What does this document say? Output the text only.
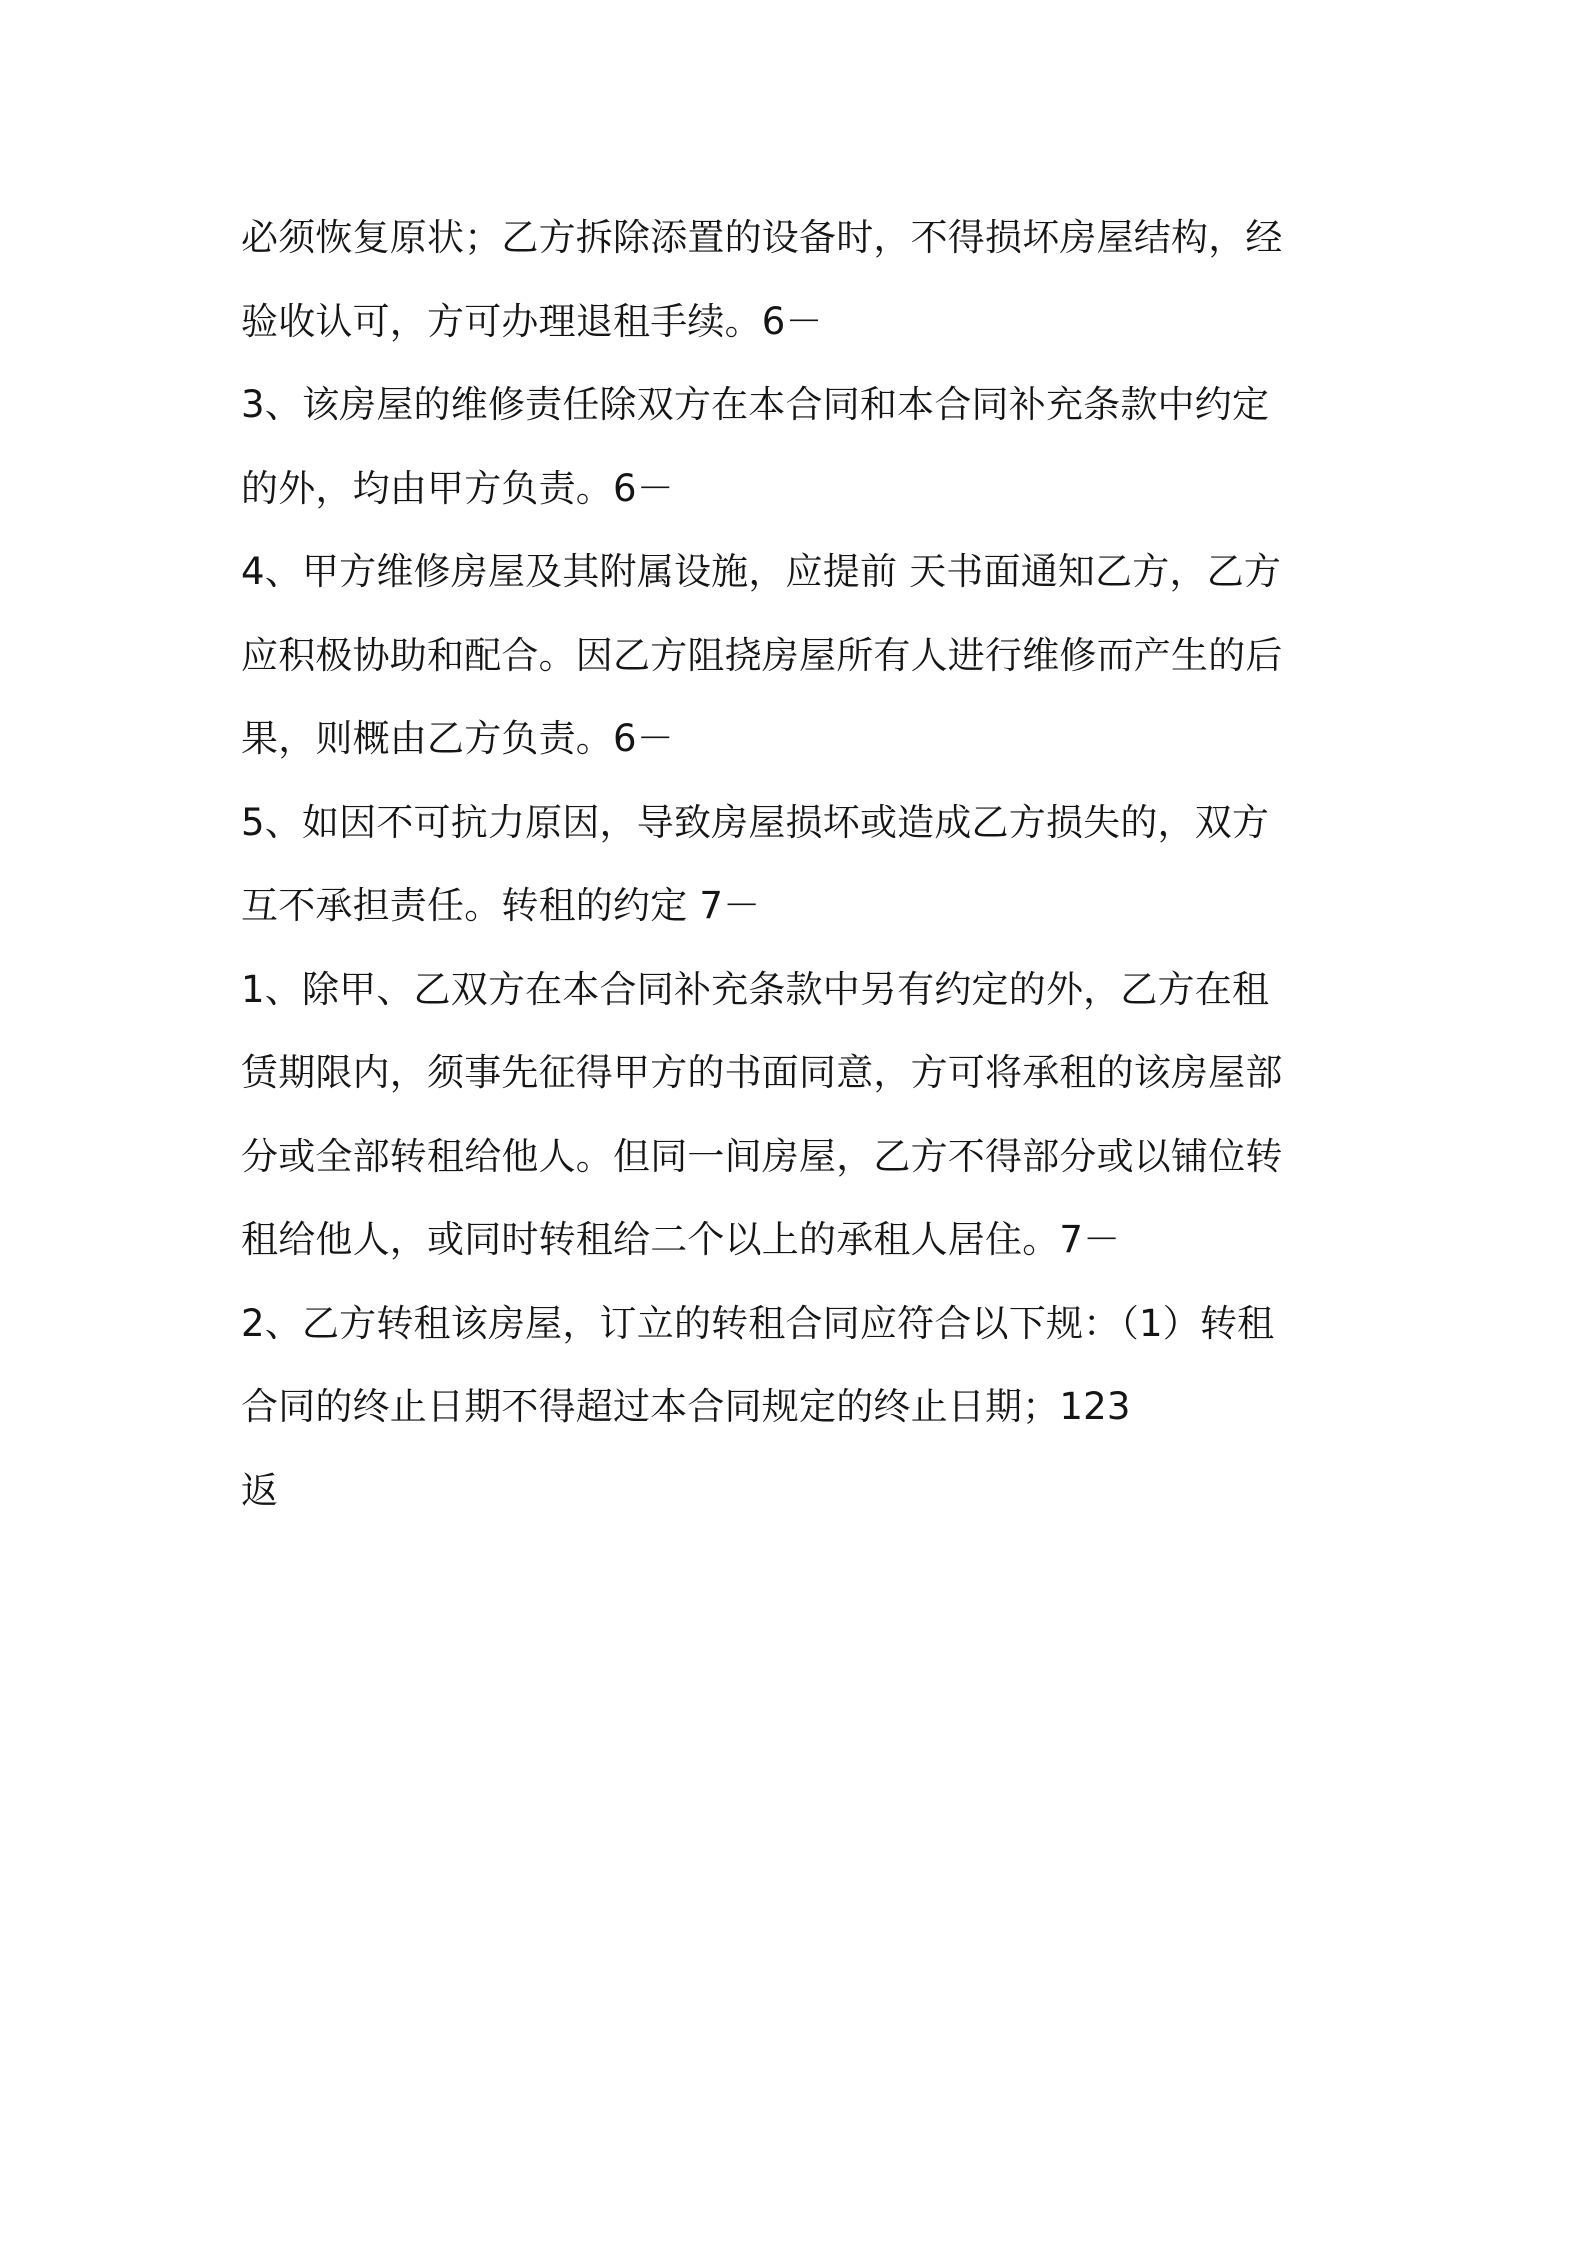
必须恢复原状；乙方拆除添置的设备时，不得损坏房屋结构，经
验收认可，方可办理退租手续。6－
3、该房屋的维修责任除双方在本合同和本合同补充条款中约定
的外，均由甲方负责。6－
4、甲方维修房屋及其附属设施，应提前 天书面通知乙方，乙方
应积极协助和配合。因乙方阻挠房屋所有人进行维修而产生的后
果，则概由乙方负责。6－
5、如因不可抗力原因，导致房屋损坏或造成乙方损失的，双方
互不承担责任。转租的约定 7－
1、除甲、乙双方在本合同补充条款中另有约定的外，乙方在租
赁期限内，须事先征得甲方的书面同意，方可将承租的该房屋部
分或全部转租给他人。但同一间房屋，乙方不得部分或以铺位转
租给他人，或同时转租给二个以上的承租人居住。7－
2、乙方转租该房屋，订立的转租合同应符合以下规：（1）转租
合同的终止日期不得超过本合同规定的终止日期；123
返
